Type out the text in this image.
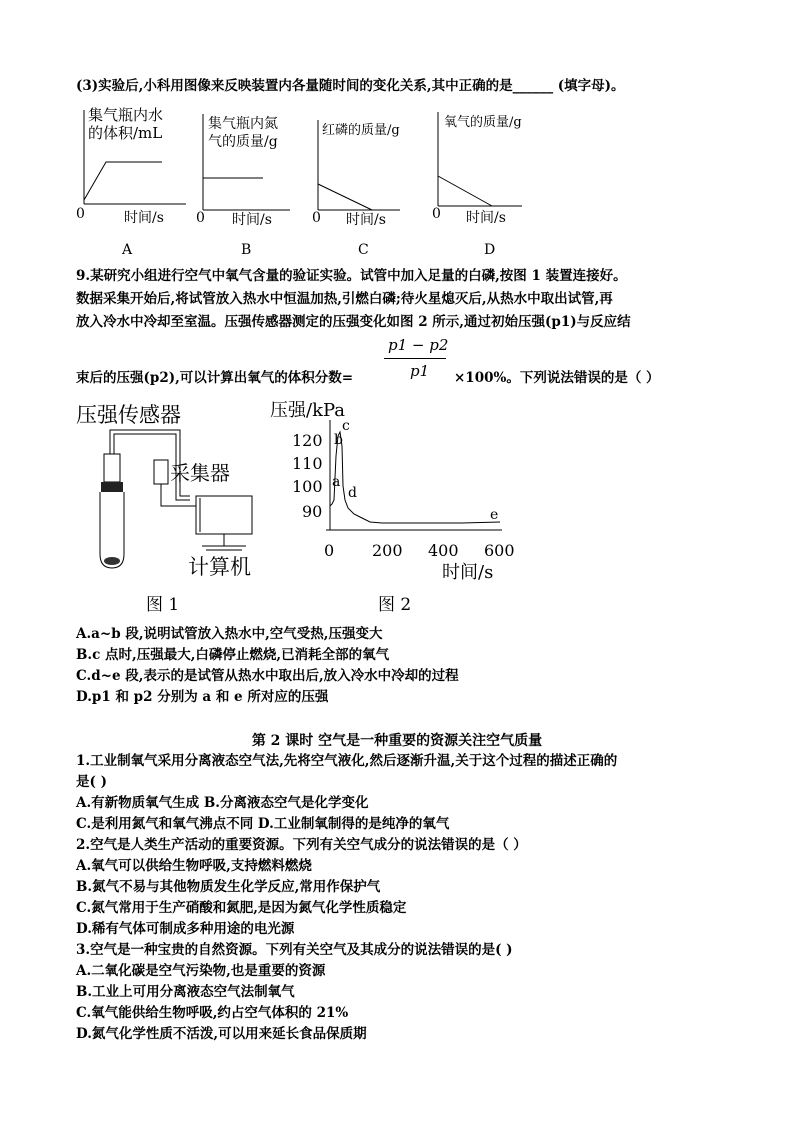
(3)实验后,小科用图像来反映装置内各量随时间的变化关系,其中正确的是______ (填字母)。
集气瓶内水
的体积/mL
0	时间/s
A
集气瓶内氮
气的质量/g
0 时间/s
B
红磷的质量/g
0 时间/s
C
氧气的质量/g
0 时间/s
D
9.某研究小组进行空气中氧气含量的验证实验。试管中加入足量的白磷,按图 1 装置连接好。
数据采集开始后,将试管放入热水中恒温加热,引燃白磷;待火星熄灭后,从热水中取出试管,再
放入冷水中冷却至室温。压强传感器测定的压强变化如图 2 所示,通过初始压强(p1)与反应结
p1 − p2
p1
束后的压强(p2),可以计算出氧气的体积分数=	×100%。下列说法错误的是（ ）
压强传感器
采集器
计算机
图 1
压强/kPa
120
110
100
90
0 200 400 600
时间/s
b
c
a
d
e
图 2
A.a~b 段,说明试管放入热水中,空气受热,压强变大
B.c 点时,压强最大,白磷停止燃烧,已消耗全部的氧气
C.d~e 段,表示的是试管从热水中取出后,放入冷水中冷却的过程
D.p1 和 p2 分别为 a 和 e 所对应的压强
第 2 课时 空气是一种重要的资源关注空气质量
1.工业制氧气采用分离液态空气法,先将空气液化,然后逐渐升温,关于这个过程的描述正确的
是( )
A.有新物质氧气生成 B.分离液态空气是化学变化
C.是利用氮气和氧气沸点不同 D.工业制氧制得的是纯净的氧气
2.空气是人类生产活动的重要资源。下列有关空气成分的说法错误的是（ ）
A.氧气可以供给生物呼吸,支持燃料燃烧
B.氮气不易与其他物质发生化学反应,常用作保护气
C.氮气常用于生产硝酸和氮肥,是因为氮气化学性质稳定
D.稀有气体可制成多种用途的电光源
3.空气是一种宝贵的自然资源。下列有关空气及其成分的说法错误的是( )
A.二氧化碳是空气污染物,也是重要的资源
B.工业上可用分离液态空气法制氧气
C.氧气能供给生物呼吸,约占空气体积的 21%
D.氮气化学性质不活泼,可以用来延长食品保质期
